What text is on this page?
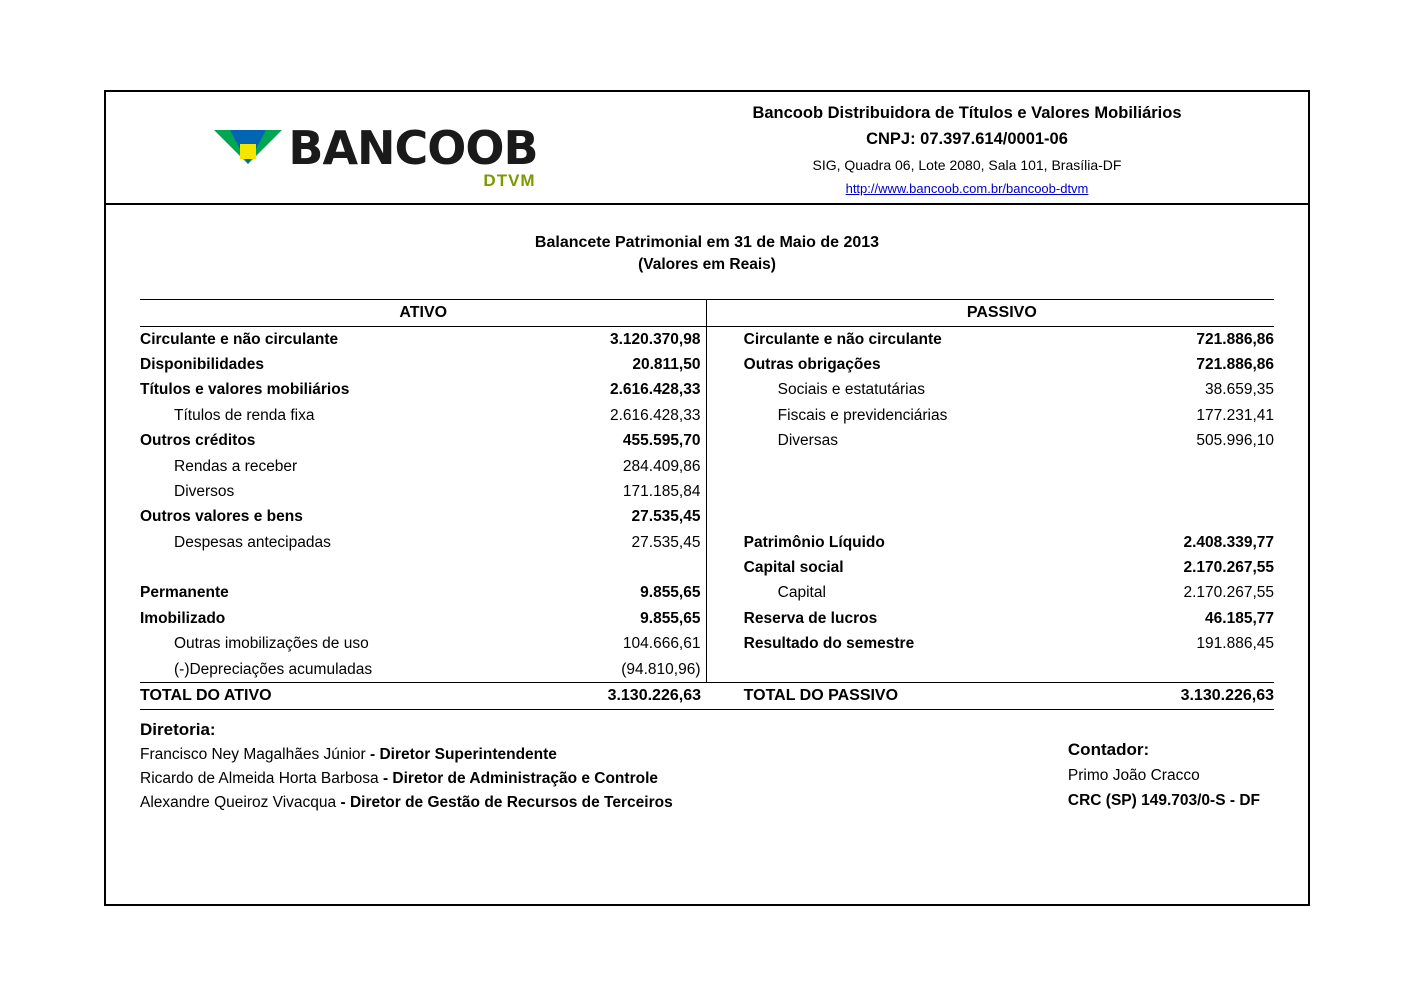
BANCOOB
DTVM
Bancoob Distribuidora de Títulos e Valores Mobiliários
CNPJ: 07.397.614/0001-06
SIG, Quadra 06, Lote 2080, Sala 101, Brasília-DF
http://www.bancoob.com.br/bancoob-dtvm
Balancete Patrimonial em 31 de Maio de 2013
(Valores em Reais)
ATIVO			PASSIVO	
Circulante e não circulante	3.120.370,98		Circulante e não circulante	721.886,86
Disponibilidades	20.811,50		Outras obrigações	721.886,86
Títulos e valores mobiliários	2.616.428,33		Sociais e estatutárias	38.659,35
Títulos de renda fixa	2.616.428,33		Fiscais e previdenciárias	177.231,41
Outros créditos	455.595,70		Diversas	505.996,10
Rendas a receber	284.409,86			
Diversos	171.185,84			
Outros valores e bens	27.535,45			
Despesas antecipadas	27.535,45		Patrimônio Líquido	2.408.339,77
			Capital social	2.170.267,55
Permanente	9.855,65		Capital	2.170.267,55
Imobilizado	9.855,65		Reserva de lucros	46.185,77
Outras imobilizações de uso	104.666,61		Resultado do semestre	191.886,45
(-)Depreciações acumuladas	(94.810,96)			
TOTAL DO ATIVO	3.130.226,63		TOTAL DO PASSIVO	3.130.226,63
Diretoria:
Francisco Ney Magalhães Júnior - Diretor Superintendente
Ricardo de Almeida Horta Barbosa - Diretor de Administração e Controle
Alexandre Queiroz Vivacqua - Diretor de Gestão de Recursos de Terceiros
Contador:
Primo João Cracco
CRC (SP) 149.703/0-S - DF
